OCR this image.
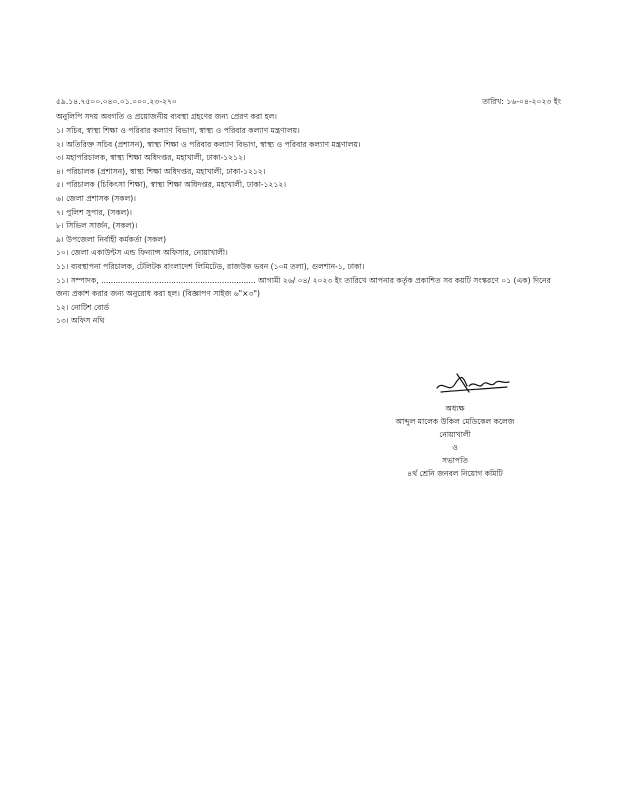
৫৯.১৪.৭৫০০.০৪০.০১.০০০.২৩-২৭০	তারিখ: ১৬-০৪-২০২৩ ইং
অনুলিপি সদয় অবগতি ও প্রয়োজনীয় ব্যবস্থা গ্রহণের জন্য প্রেরণ করা হল।
১। সচিব, স্বাস্থ্য শিক্ষা ও পরিবার কল্যাণ বিভাগ, স্বাস্থ্য ও পরিবার কল্যাণ মন্ত্রণালয়।
২। অতিরিক্ত সচিব (প্রশাসন), স্বাস্থ্য শিক্ষা ও পরিবার কল্যাণ বিভাগ, স্বাস্থ্য ও পরিবার কল্যাণ মন্ত্রণালয়।
৩। মহাপরিচালক, স্বাস্থ্য শিক্ষা অধিদপ্তর, মহাখালী, ঢাকা-১২১২।
৪। পরিচালক (প্রশাসন), স্বাস্থ্য শিক্ষা অধিদপ্তর, মহাখালী, ঢাকা-১২১২।
৫। পরিচালক (চিকিৎসা শিক্ষা), স্বাস্থ্য শিক্ষা অধিদপ্তর, মহাখালী, ঢাকা-১২১২।
৬। জেলা প্রশাসক (সকল)।
৭। পুলিশ সুপার, (সকল)।
৮। সিভিল সার্জন, (সকল)।
৯। উপজেলা নির্বাহী কর্মকর্তা (সকল)
১০। জেলা একাউন্টস এন্ড ফিন্যান্স অফিসার, নোয়াখালী।
১১। ব্যবস্থাপনা পরিচালক, টেলিটক বাংলাদেশ লিমিটেড, রাজউক ভবন (১০ম তলা), গুলশান-১, ঢাকা।
১১। সম্পাদক, ................................................................ আগামী ২৬/ ০৪/ ২০২৩ ইং তারিখে আপনার কর্তৃক প্রকাশিত সব কয়টি সংস্করণে ০১ (এক) দিনের জন্য প্রকাশ করার জন্য অনুরোধ করা হল। (বিজ্ঞাপণ সাইজ ৬"×৩")
১২। নোটিশ বোর্ড
১৩। অফিস নথি
অধ্যক্ষ
আব্দুল মালেক উকিল মেডিকেল কলেজ
নোয়াখালী
ও
সভাপতি
৪র্থ শ্রেনি জনবল নিয়োগ কমিটি
